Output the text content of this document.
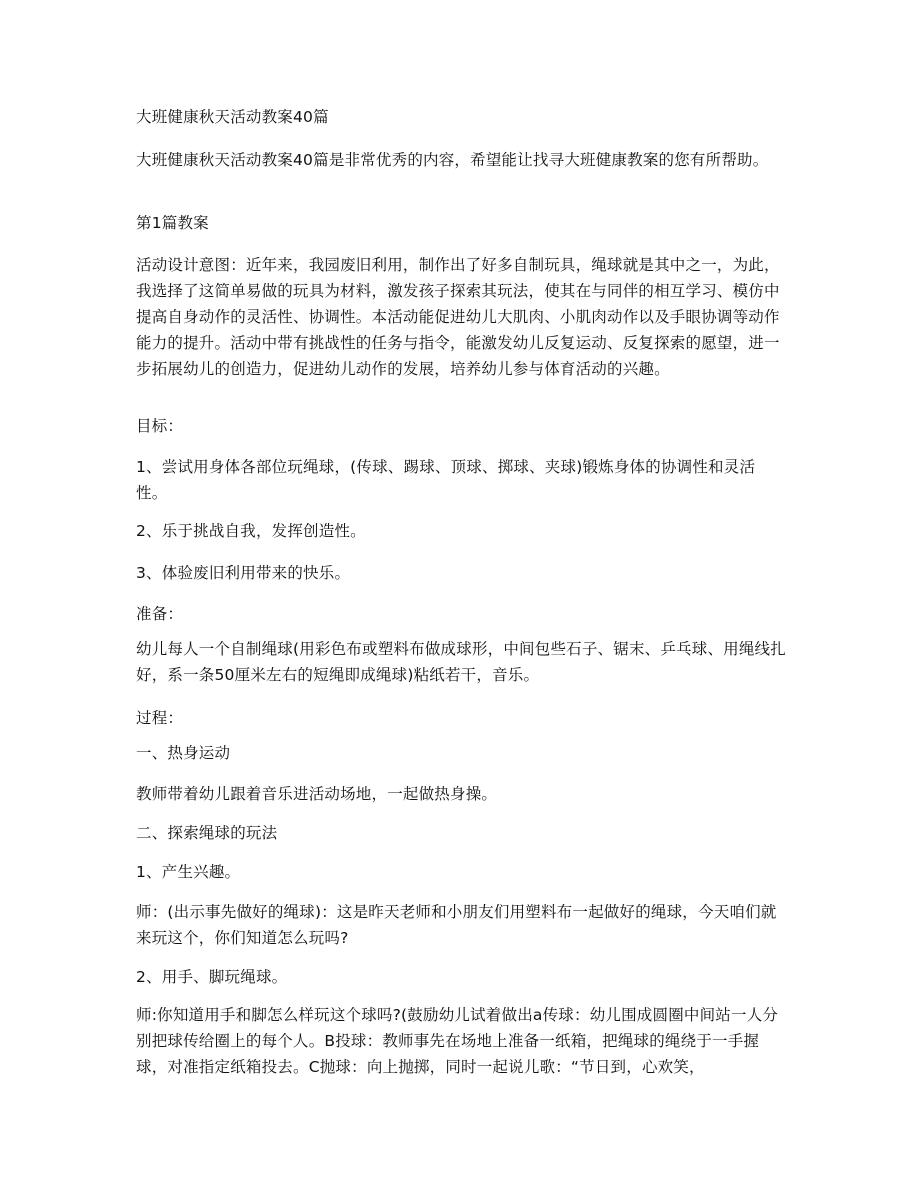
大班健康秋天活动教案40篇

大班健康秋天活动教案40篇是非常优秀的内容，希望能让找寻大班健康教案的您有所帮助。

第1篇教案

活动设计意图：近年来，我园废旧利用，制作出了好多自制玩具，绳球就是其中之一，为此，我选择了这简单易做的玩具为材料，激发孩子探索其玩法，使其在与同伴的相互学习、模仿中提高自身动作的灵活性、协调性。本活动能促进幼儿大肌肉、小肌肉动作以及手眼协调等动作能力的提升。活动中带有挑战性的任务与指令，能激发幼儿反复运动、反复探索的愿望，进一步拓展幼儿的创造力，促进幼儿动作的发展，培养幼儿参与体育活动的兴趣。

目标：

1、尝试用身体各部位玩绳球，(传球、踢球、顶球、掷球、夹球)锻炼身体的协调性和灵活性。

2、乐于挑战自我，发挥创造性。

3、体验废旧利用带来的快乐。

准备：

幼儿每人一个自制绳球(用彩色布或塑料布做成球形，中间包些石子、锯末、乒乓球、用绳线扎好，系一条50厘米左右的短绳即成绳球)粘纸若干，音乐。

过程：

一、热身运动

教师带着幼儿跟着音乐进活动场地，一起做热身操。

二、探索绳球的玩法

1、产生兴趣。

师：(出示事先做好的绳球)：这是昨天老师和小朋友们用塑料布一起做好的绳球，今天咱们就来玩这个，你们知道怎么玩吗?

2、用手、脚玩绳球。

师:你知道用手和脚怎么样玩这个球吗?(鼓励幼儿试着做出a传球：幼儿围成圆圈中间站一人分别把球传给圈上的每个人。B投球：教师事先在场地上准备一纸箱，把绳球的绳绕于一手握球，对准指定纸箱投去。C抛球：向上抛掷，同时一起说儿歌：“节日到，心欢笑，
